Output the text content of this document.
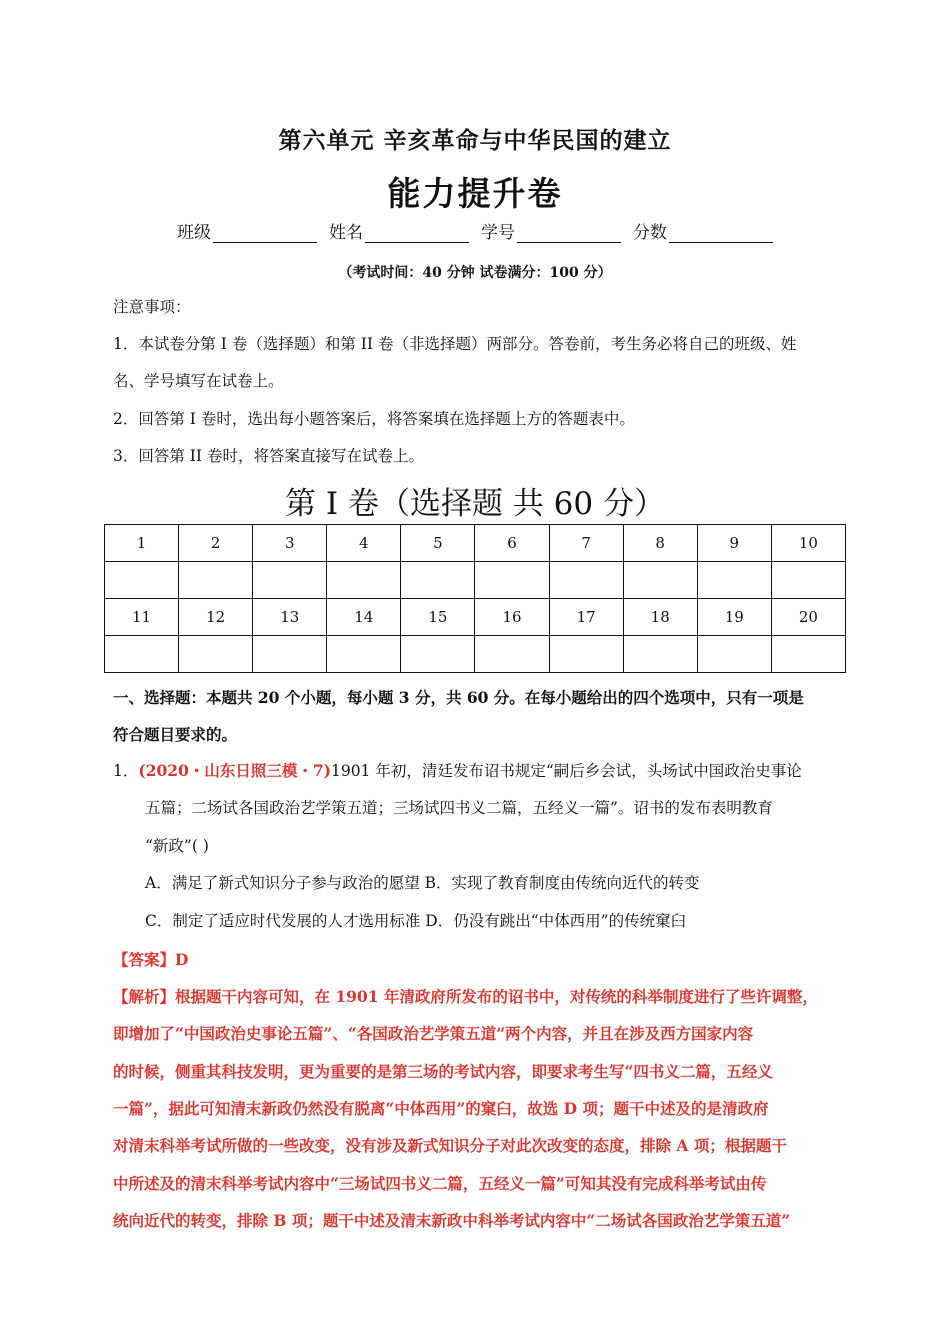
第六单元 辛亥革命与中华民国的建立
能力提升卷
班级	姓名	学号	分数
（考试时间：40 分钟 试卷满分：100 分）
注意事项：
1．本试卷分第 I 卷（选择题）和第 II 卷（非选择题）两部分。答卷前，考生务必将自己的班级、姓
名、学号填写在试卷上。
2．回答第 I 卷时，选出每小题答案后，将答案填在选择题上方的答题表中。
3．回答第 II 卷时，将答案直接写在试卷上。
第 I 卷（选择题 共 60 分）
1	2	3	4	5	6	7	8	9	10

11	12	13	14	15	16	17	18	19	20

一、选择题：本题共 20 个小题，每小题 3 分，共 60 分。在每小题给出的四个选项中，只有一项是
符合题目要求的。
1．(2020・山东日照三模・7)1901 年初，清廷发布诏书规定“嗣后乡会试，头场试中国政治史事论
五篇；二场试各国政治艺学策五道；三场试四书义二篇，五经义一篇”。诏书的发布表明教育
“新政”( )
A．满足了新式知识分子参与政治的愿望 B．实现了教育制度由传统向近代的转变
C．制定了适应时代发展的人才选用标准 D．仍没有跳出“中体西用”的传统窠臼
【答案】D
【解析】根据题干内容可知，在 1901 年清政府所发布的诏书中，对传统的科举制度进行了些许调整，
即增加了“中国政治史事论五篇”、“各国政治艺学策五道”两个内容，并且在涉及西方国家内容
的时候，侧重其科技发明，更为重要的是第三场的考试内容，即要求考生写“四书义二篇，五经义
一篇”，据此可知清末新政仍然没有脱离“中体西用”的窠臼，故选 D 项；题干中述及的是清政府
对清末科举考试所做的一些改变，没有涉及新式知识分子对此次改变的态度，排除 A 项；根据题干
中所述及的清末科举考试内容中“三场试四书义二篇，五经义一篇”可知其没有完成科举考试由传
统向近代的转变，排除 B 项；题干中述及清末新政中科举考试内容中“二场试各国政治艺学策五道”
